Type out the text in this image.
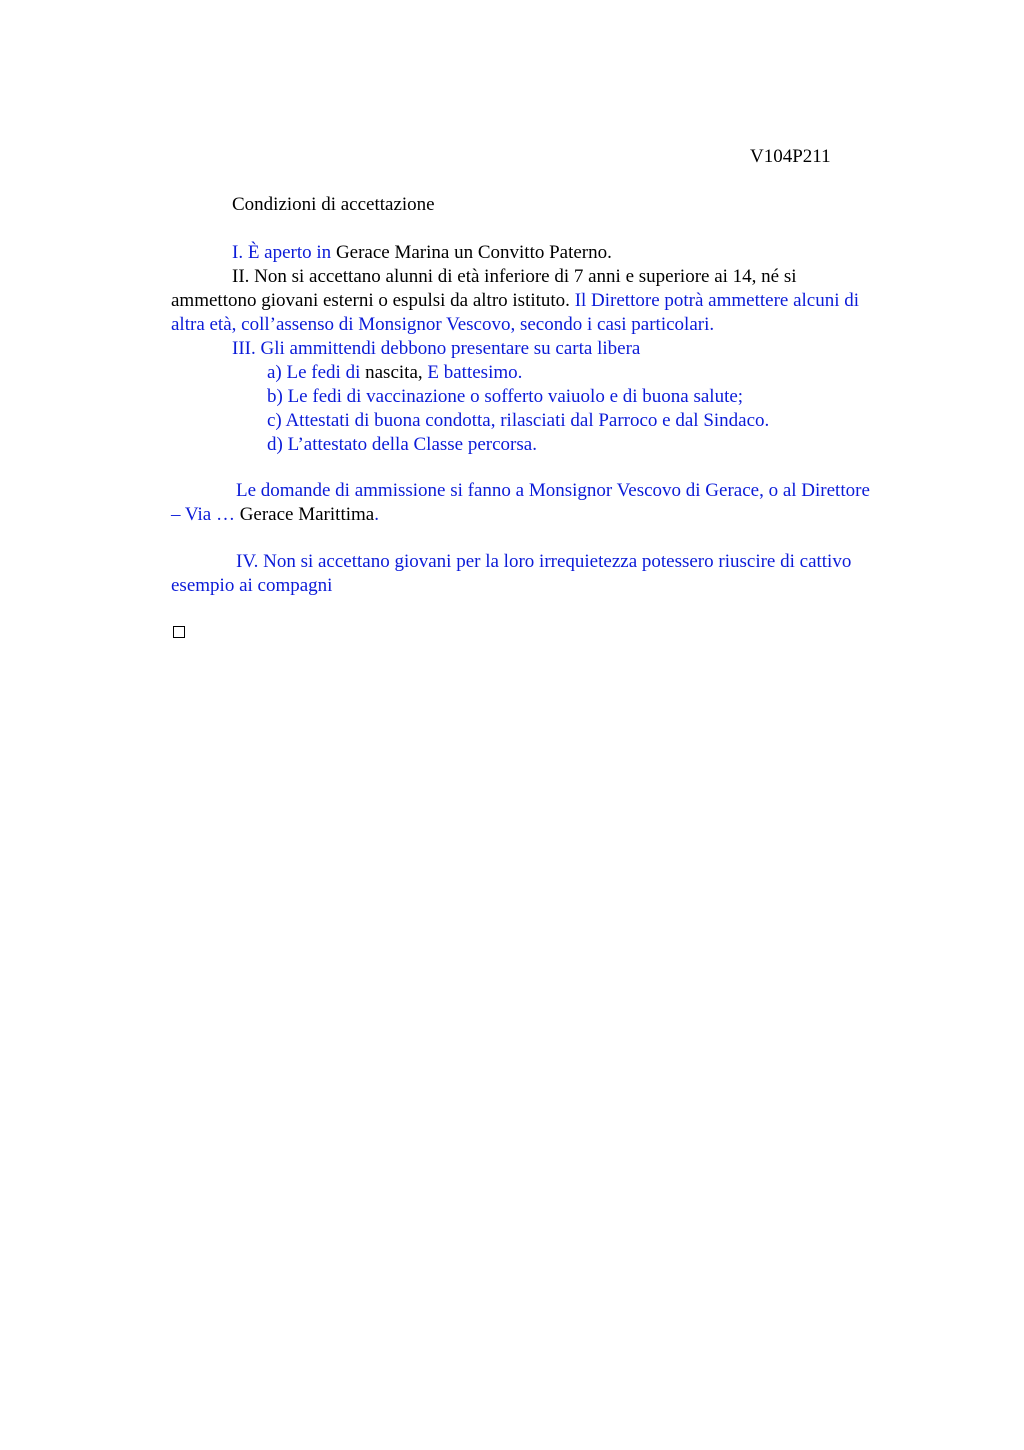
V104P211
Condizioni di accettazione
I. È aperto in Gerace Marina un Convitto Paterno.
II. Non si accettano alunni di età inferiore di 7 anni e superiore ai 14, né si
ammettono giovani esterni o espulsi da altro istituto. Il Direttore potrà ammettere alcuni di
altra età, coll’assenso di Monsignor Vescovo, secondo i casi particolari.
III. Gli ammittendi debbono presentare su carta libera
a) Le fedi di nascita, E battesimo.
b) Le fedi di vaccinazione o sofferto vaiuolo e di buona salute;
c) Attestati di buona condotta, rilasciati dal Parroco e dal Sindaco.
d) L’attestato della Classe percorsa.
Le domande di ammissione si fanno a Monsignor Vescovo di Gerace, o al Direttore
– Via … Gerace Marittima.
IV. Non si accettano giovani per la loro irrequietezza potessero riuscire di cattivo
esempio ai compagni
